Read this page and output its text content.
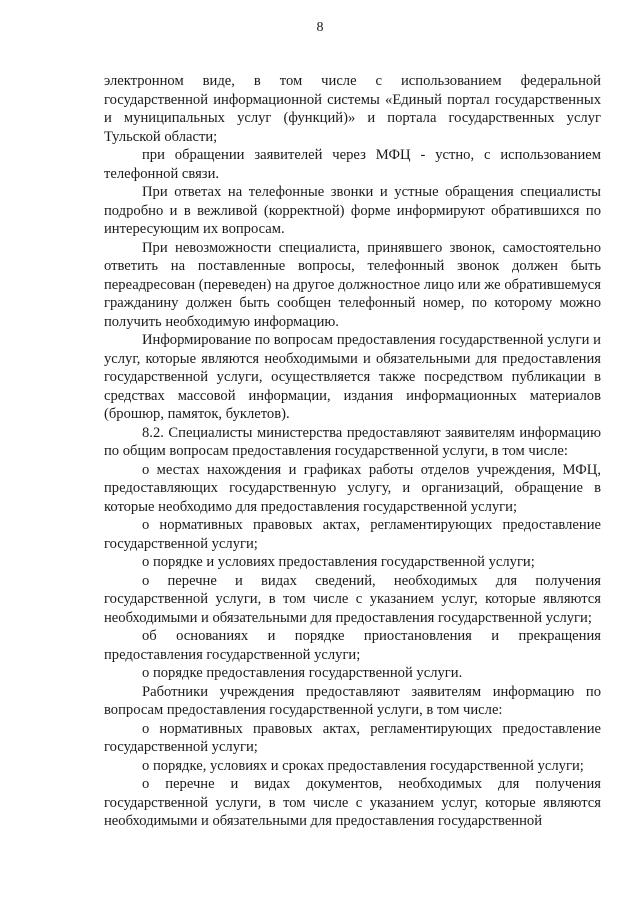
8

электронном виде, в том числе с использованием федеральной государственной информационной системы «Единый портал государственных и муниципальных услуг (функций)» и портала государственных услуг Тульской области;

при обращении заявителей через МФЦ - устно, с использованием телефонной связи.

При ответах на телефонные звонки и устные обращения специалисты подробно и в вежливой (корректной) форме информируют обратившихся по интересующим их вопросам.

При невозможности специалиста, принявшего звонок, самостоятельно ответить на поставленные вопросы, телефонный звонок должен быть переадресован (переведен) на другое должностное лицо или же обратившемуся гражданину должен быть сообщен телефонный номер, по которому можно получить необходимую информацию.

Информирование по вопросам предоставления государственной услуги и услуг, которые являются необходимыми и обязательными для предоставления государственной услуги, осуществляется также посредством публикации в средствах массовой информации, издания информационных материалов (брошюр, памяток, буклетов).

8.2. Специалисты министерства предоставляют заявителям информацию по общим вопросам предоставления государственной услуги, в том числе:

о местах нахождения и графиках работы отделов учреждения, МФЦ, предоставляющих государственную услугу, и организаций, обращение в которые необходимо для предоставления государственной услуги;

о нормативных правовых актах, регламентирующих предоставление государственной услуги;

о порядке и условиях предоставления государственной услуги;

о перечне и видах сведений, необходимых для получения государственной услуги, в том числе с указанием услуг, которые являются необходимыми и обязательными для предоставления государственной услуги;

об основаниях и порядке приостановления и прекращения предоставления государственной услуги;

о порядке предоставления государственной услуги.

Работники учреждения предоставляют заявителям информацию по вопросам предоставления государственной услуги, в том числе:

о нормативных правовых актах, регламентирующих предоставление государственной услуги;

о порядке, условиях и сроках предоставления государственной услуги;

о перечне и видах документов, необходимых для получения государственной услуги, в том числе с указанием услуг, которые являются необходимыми и обязательными для предоставления государственной
